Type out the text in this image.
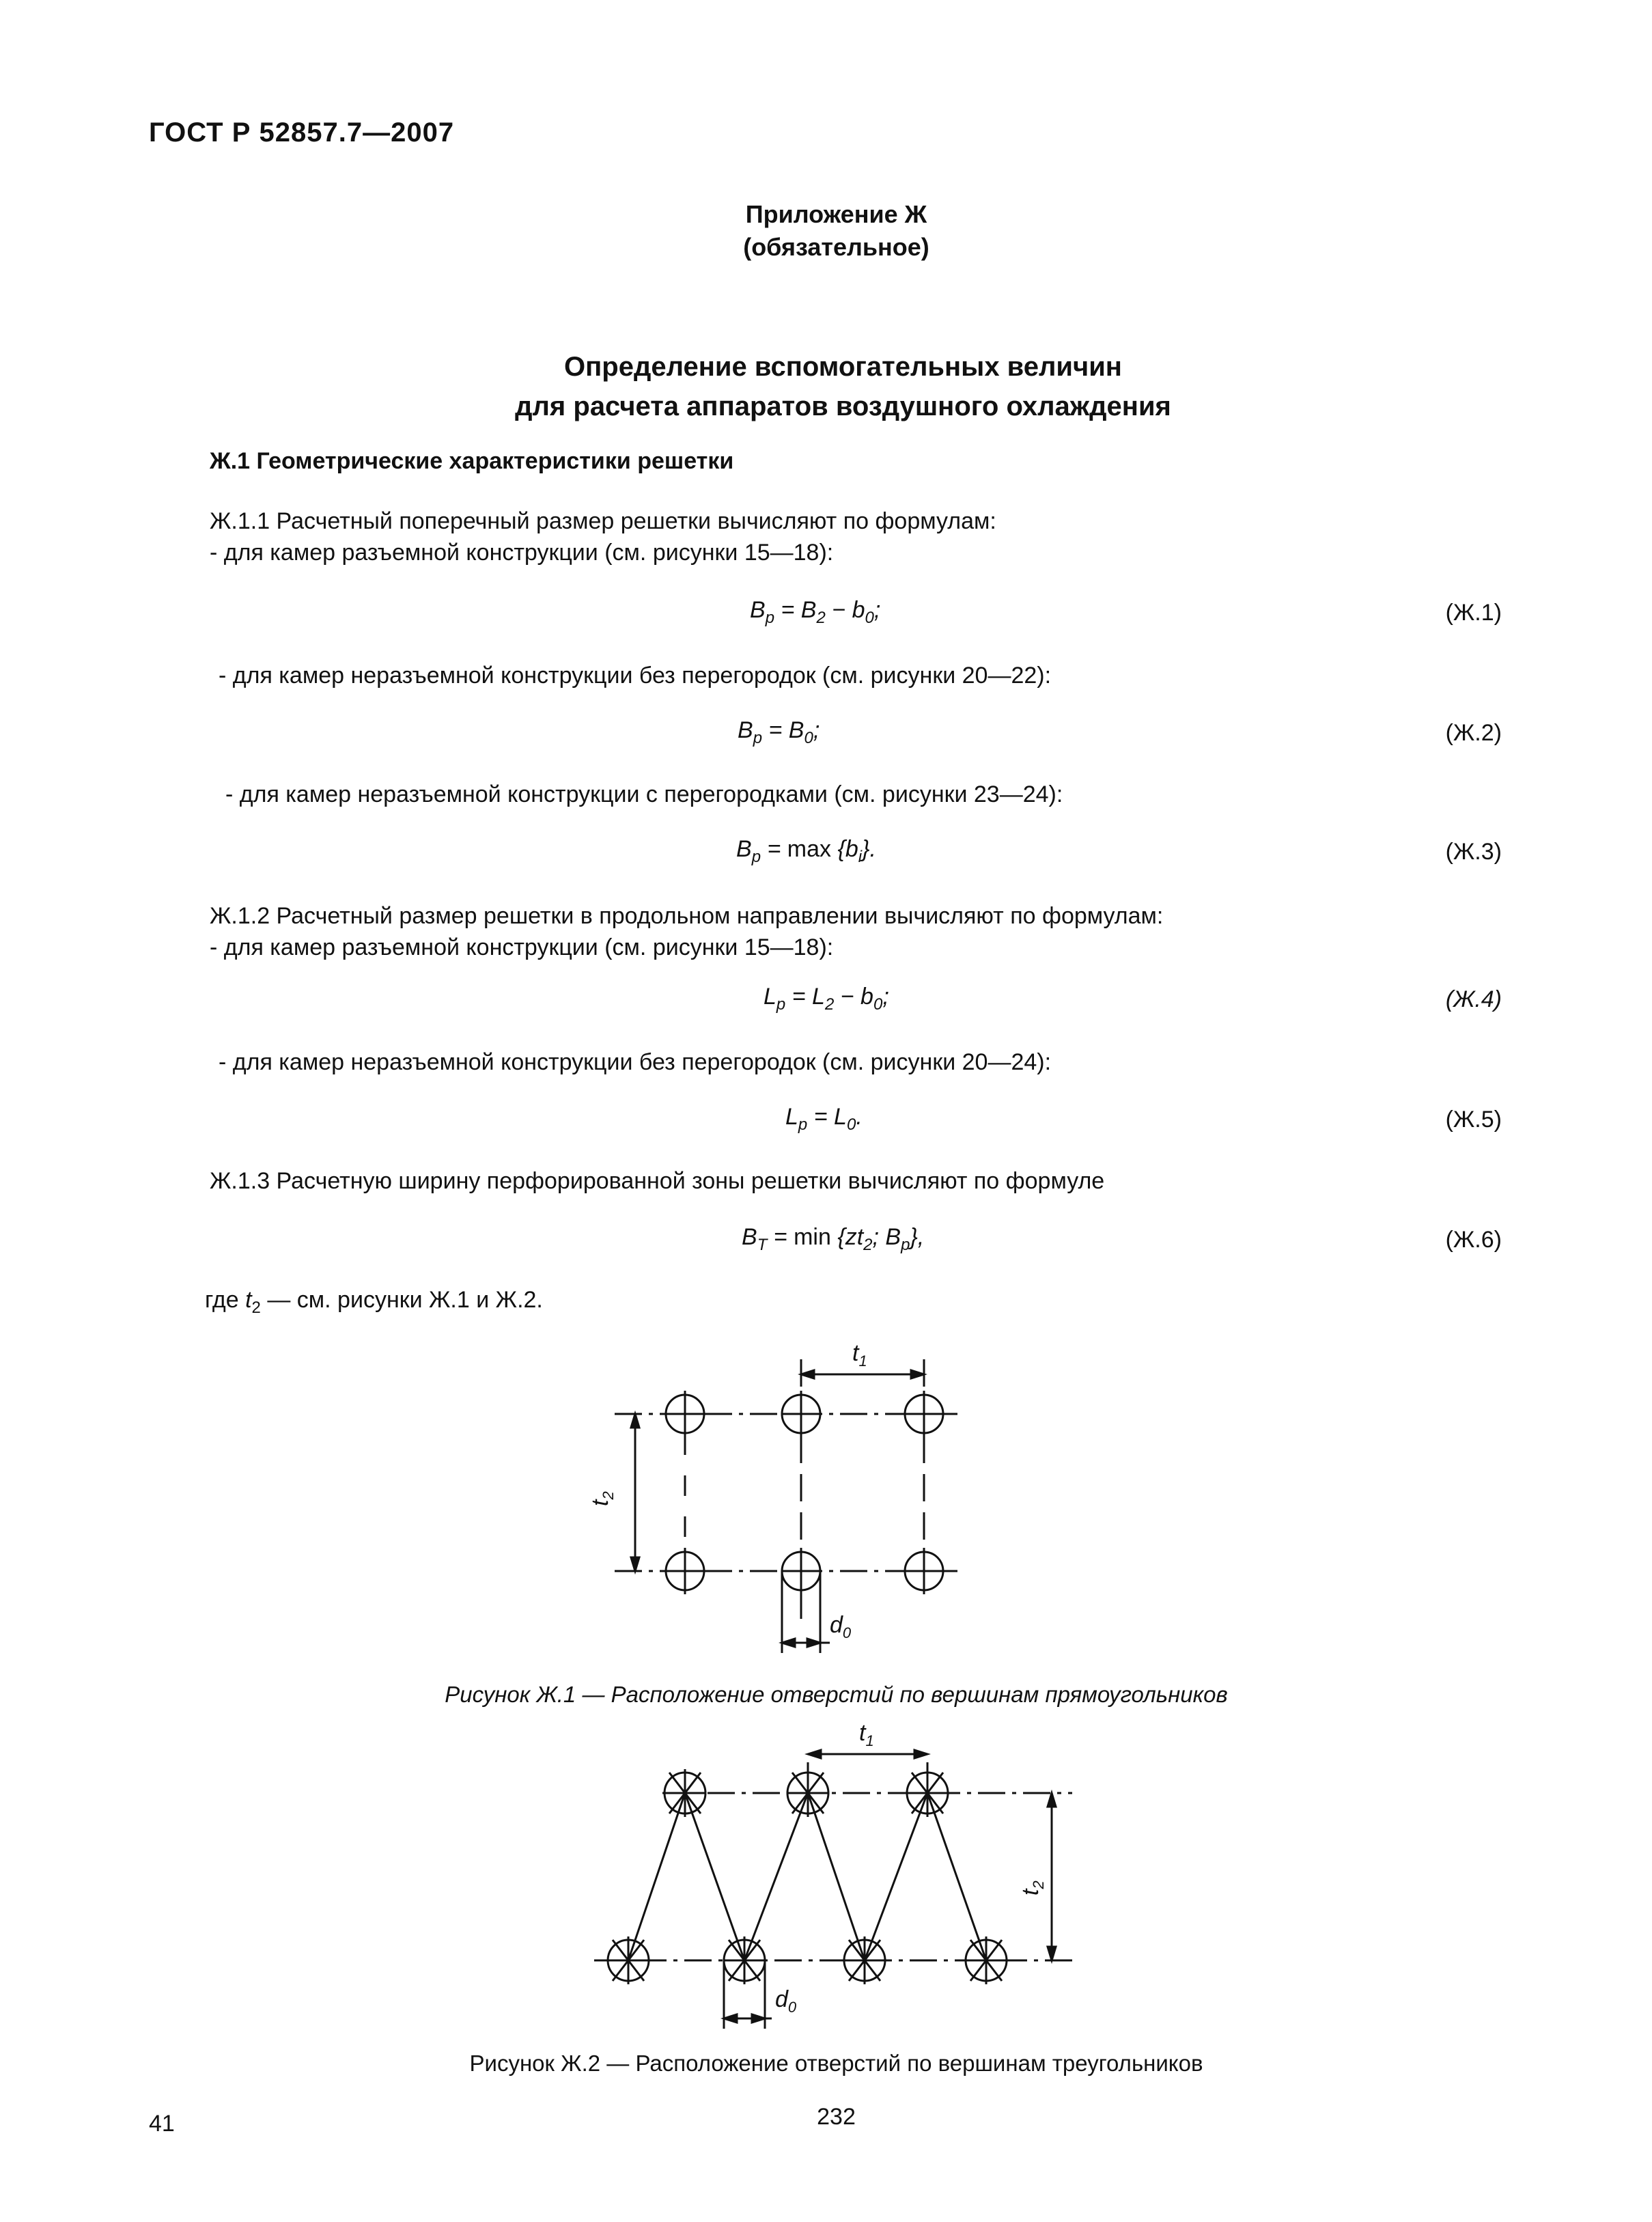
ГОСТ Р 52857.7—2007
Приложение Ж
(обязательное)
Определение вспомогательных величин
для расчета аппаратов воздушного охлаждения
Ж.1 Геометрические характеристики решетки
Ж.1.1 Расчетный поперечный размер решетки вычисляют по формулам:
- для камер разъемной конструкции (см. рисунки 15—18):
$B_р = B_2 - b_0$;	(Ж.1)
- для камер неразъемной конструкции без перегородок (см. рисунки 20—22):
$B_р = B_0$;	(Ж.2)
- для камер неразъемной конструкции с перегородками (см. рисунки 23—24):
$B_р = \max \{b_i\}$.	(Ж.3)
Ж.1.2 Расчетный размер решетки в продольном направлении вычисляют по формулам:
- для камер разъемной конструкции (см. рисунки 15—18):
$L_р = L_2 - b_0$;	(Ж.4)
- для камер неразъемной конструкции без перегородок (см. рисунки 20—24):
$L_р = L_0$.	(Ж.5)
Ж.1.3 Расчетную ширину перфорированной зоны решетки вычисляют по формуле
$B_T = \min \{zt_2$; $B_р$},	(Ж.6)
где $t_2$ — см. рисунки Ж.1 и Ж.2.
$t_1$
$t_2$
$d_0$
Рисунок Ж.1 — Расположение отверстий по вершинам прямоугольников
$t_1$
$t_2$
$d_0$
Рисунок Ж.2 — Расположение отверстий по вершинам треугольников
41	232
